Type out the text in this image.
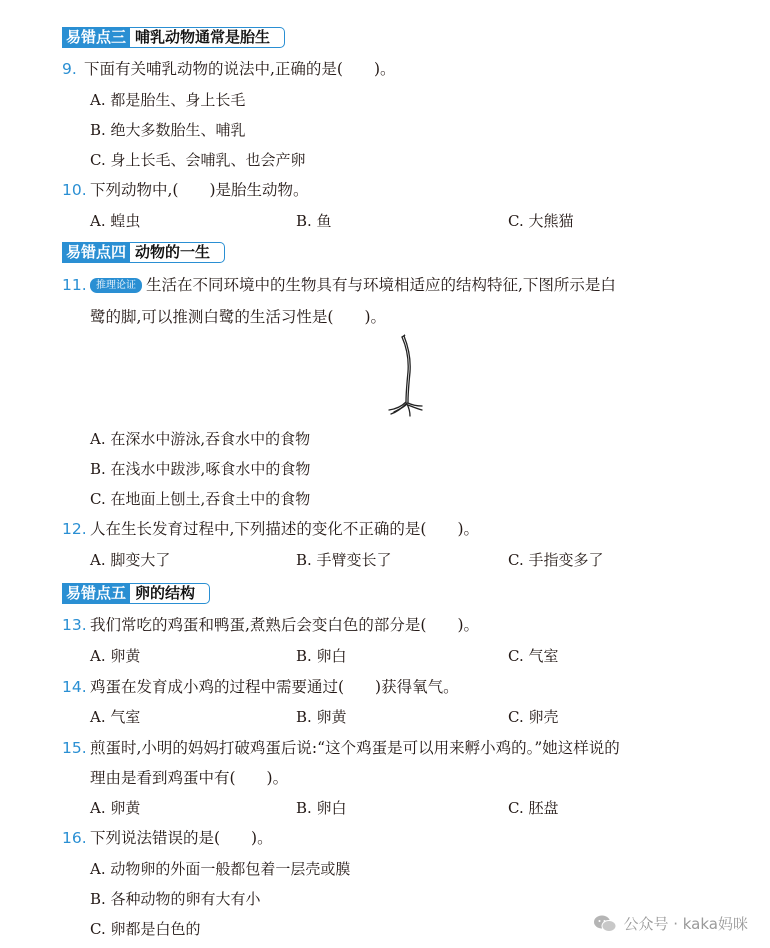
易错点三 哺乳动物通常是胎生
9. 下面有关哺乳动物的说法中,正确的是(　　)。
A. 都是胎生、身上长毛
B. 绝大多数胎生、哺乳
C. 身上长毛、会哺乳、也会产卵
10. 下列动物中,(　　)是胎生动物。
A. 蝗虫	B. 鱼	C. 大熊猫
易错点四 动物的一生
11. 推理论证 生活在不同环境中的生物具有与环境相适应的结构特征,下图所示是白
鹭的脚,可以推测白鹭的生活习性是(　　)。
A. 在深水中游泳,吞食水中的食物
B. 在浅水中跋涉,啄食水中的食物
C. 在地面上刨土,吞食土中的食物
12. 人在生长发育过程中,下列描述的变化不正确的是(　　)。
A. 脚变大了	B. 手臂变长了	C. 手指变多了
易错点五 卵的结构
13. 我们常吃的鸡蛋和鸭蛋,煮熟后会变白色的部分是(　　)。
A. 卵黄	B. 卵白	C. 气室
14. 鸡蛋在发育成小鸡的过程中需要通过(　　)获得氧气。
A. 气室	B. 卵黄	C. 卵壳
15. 煎蛋时,小明的妈妈打破鸡蛋后说:“这个鸡蛋是可以用来孵小鸡的。”她这样说的
理由是看到鸡蛋中有(　　)。
A. 卵黄	B. 卵白	C. 胚盘
16. 下列说法错误的是(　　)。
A. 动物卵的外面一般都包着一层壳或膜
B. 各种动物的卵有大有小
C. 卵都是白色的	公众号 · kaka妈咪
